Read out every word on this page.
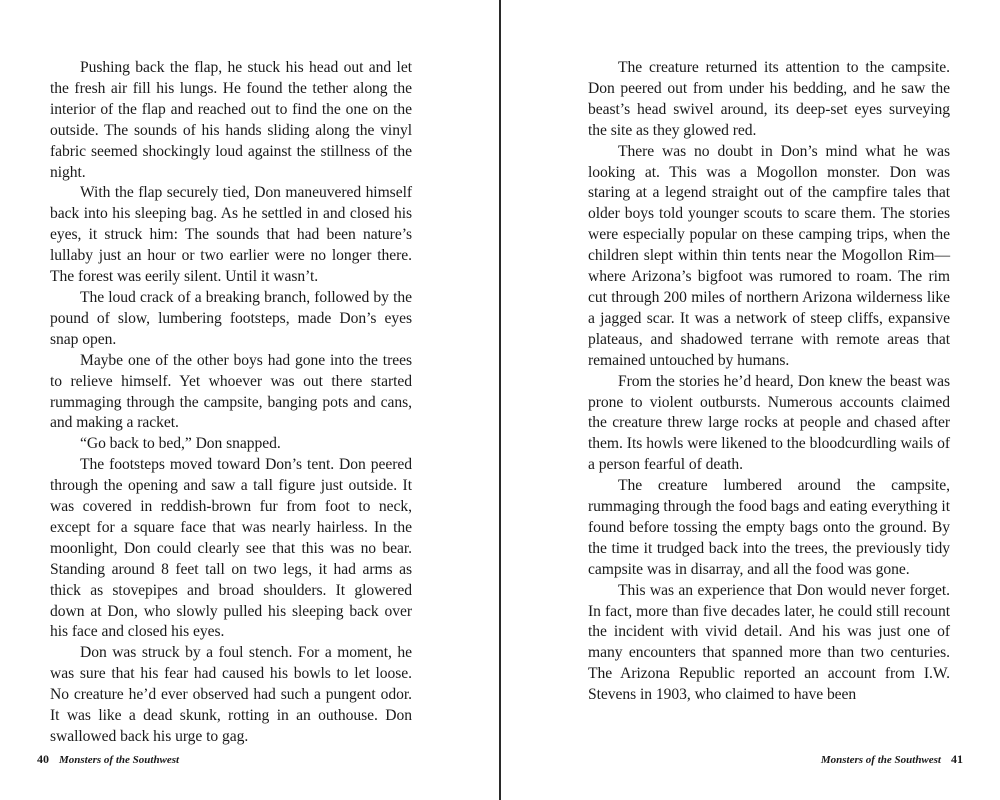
Pushing back the flap, he stuck his head out and let the fresh air fill his lungs. He found the tether along the interior of the flap and reached out to find the one on the outside. The sounds of his hands sliding along the vinyl fabric seemed shockingly loud against the stillness of the night.

With the flap securely tied, Don maneuvered himself back into his sleeping bag. As he settled in and closed his eyes, it struck him: The sounds that had been nature’s lullaby just an hour or two earlier were no longer there. The forest was eerily silent. Until it wasn’t.

The loud crack of a breaking branch, followed by the pound of slow, lumbering footsteps, made Don’s eyes snap open.

Maybe one of the other boys had gone into the trees to relieve himself. Yet whoever was out there started rummaging through the campsite, banging pots and cans, and making a racket.

“Go back to bed,” Don snapped.

The footsteps moved toward Don’s tent. Don peered through the opening and saw a tall figure just outside. It was covered in reddish-brown fur from foot to neck, except for a square face that was nearly hairless. In the moonlight, Don could clearly see that this was no bear. Standing around 8 feet tall on two legs, it had arms as thick as stovepipes and broad shoulders. It glowered down at Don, who slowly pulled his sleeping back over his face and closed his eyes.

Don was struck by a foul stench. For a moment, he was sure that his fear had caused his bowls to let loose. No creature he’d ever observed had such a pungent odor. It was like a dead skunk, rotting in an outhouse. Don swallowed back his urge to gag.

40 Monsters of the Southwest

The creature returned its attention to the campsite. Don peered out from under his bedding, and he saw the beast’s head swivel around, its deep-set eyes surveying the site as they glowed red.

There was no doubt in Don’s mind what he was looking at. This was a Mogollon monster. Don was staring at a legend straight out of the campfire tales that older boys told younger scouts to scare them. The stories were especially popular on these camping trips, when the children slept within thin tents near the Mogollon Rim—where Arizona’s bigfoot was rumored to roam. The rim cut through 200 miles of northern Arizona wilderness like a jagged scar. It was a network of steep cliffs, expansive plateaus, and shadowed terrane with remote areas that remained untouched by humans.

From the stories he’d heard, Don knew the beast was prone to violent outbursts. Numerous accounts claimed the creature threw large rocks at people and chased after them. Its howls were likened to the bloodcurdling wails of a person fearful of death.

The creature lumbered around the campsite, rummaging through the food bags and eating everything it found before tossing the empty bags onto the ground. By the time it trudged back into the trees, the previously tidy campsite was in disarray, and all the food was gone.

This was an experience that Don would never forget. In fact, more than five decades later, he could still recount the incident with vivid detail. And his was just one of many encounters that spanned more than two centuries. The Arizona Republic reported an account from I.W. Stevens in 1903, who claimed to have been

Monsters of the Southwest 41
